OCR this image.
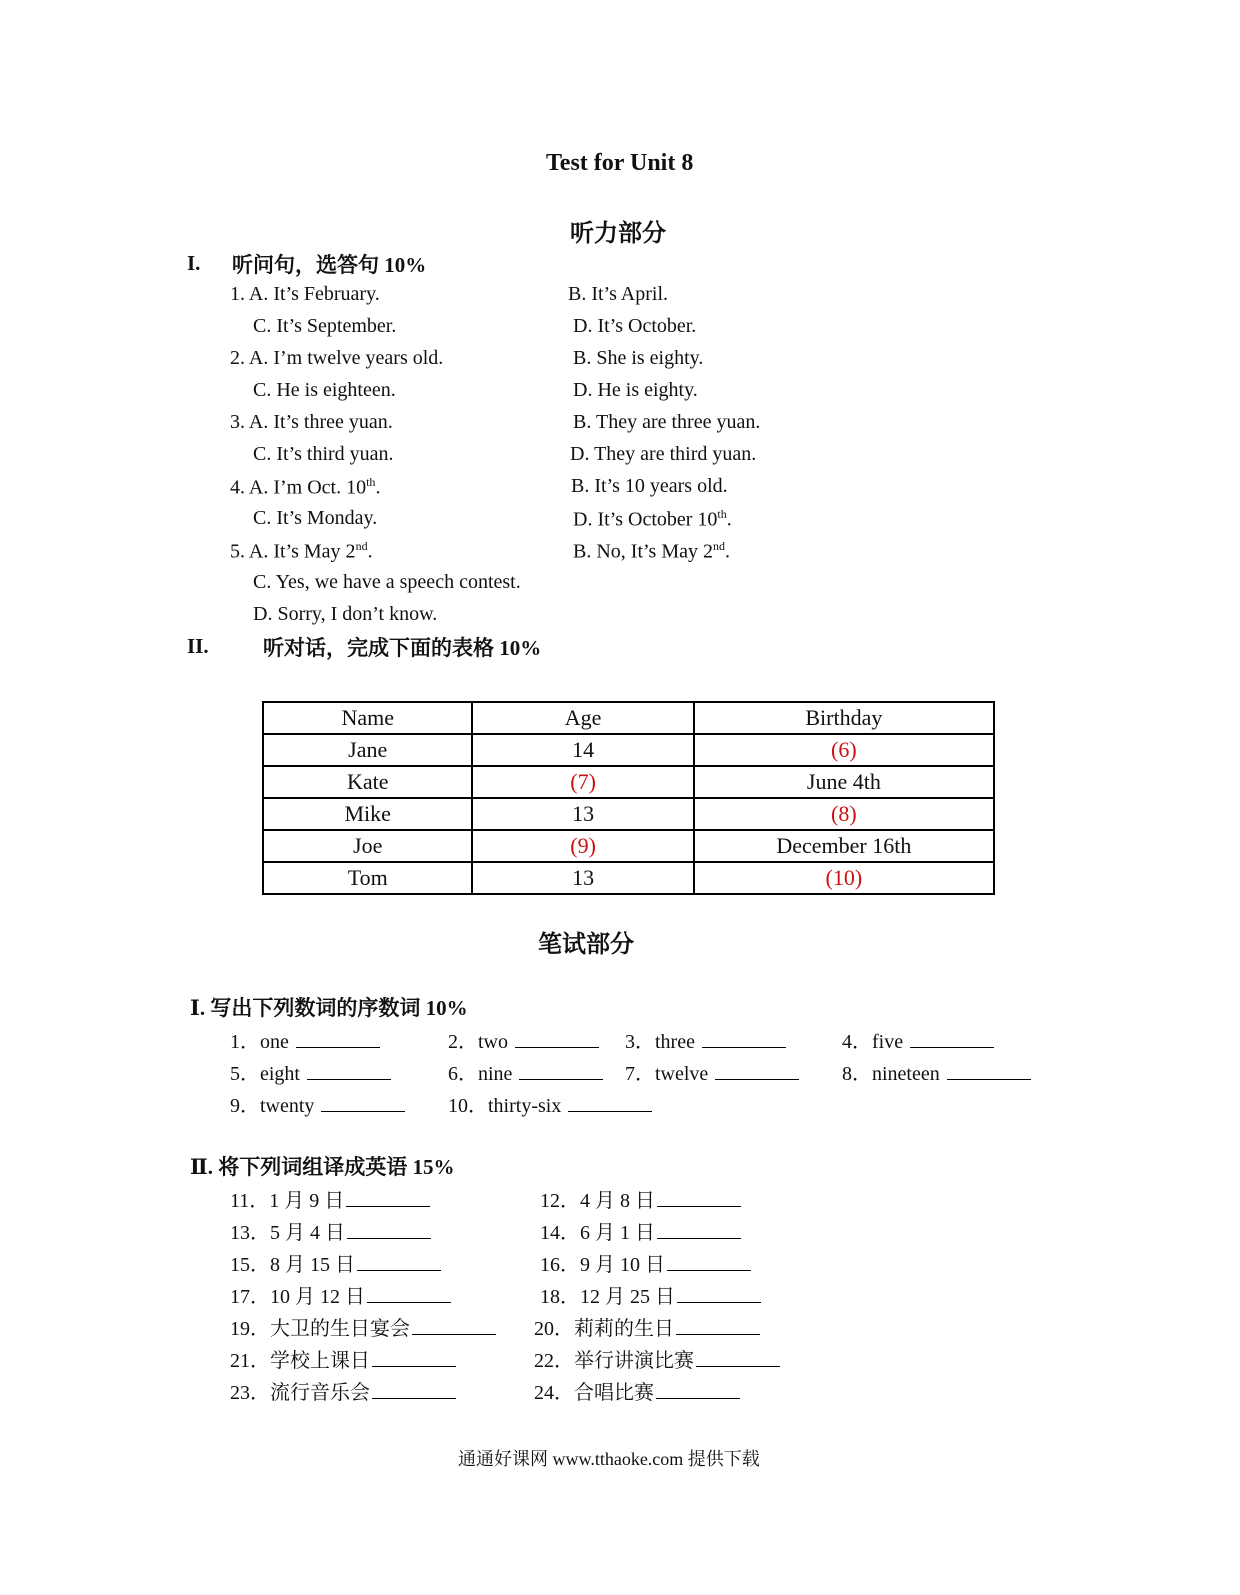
Test for Unit 8
听力部分
I. 听问句，选答句 10%
1. A. It’s February.	B. It’s April.
C. It’s September.	D. It’s October.
2. A. I’m twelve years old.	B. She is eighty.
C. He is eighteen.	D. He is eighty.
3. A. It’s three yuan.	B. They are three yuan.
C. It’s third yuan.	D. They are third yuan.
4. A. I’m Oct. 10th.	B. It’s 10 years old.
C. It’s Monday.	D. It’s October 10th.
5. A. It’s May 2nd.	B. No, It’s May 2nd.
C. Yes, we have a speech contest.
D. Sorry, I don’t know.
II.	听对话，完成下面的表格 10%
Name	Age	Birthday
Jane	14	(6)
Kate	(7)	June 4th
Mike	13	(8)
Joe	(9)	December 16th
Tom	13	(10)
笔试部分
Ⅰ. 写出下列数词的序数词 10%
1．one	2．two	3．three	4．five
5．eight	6．nine	7．twelve	8．nineteen
9．twenty	10．thirty-six
Ⅱ. 将下列词组译成英语 15%
11．1 月 9 日	12．4 月 8 日
13．5 月 4 日	14．6 月 1 日
15．8 月 15 日	16．9 月 10 日
17．10 月 12 日	18．12 月 25 日
19．大卫的生日宴会	20．莉莉的生日
21．学校上课日	22．举行讲演比赛
23．流行音乐会	24．合唱比赛
通通好课网 www.tthaoke.com 提供下载
